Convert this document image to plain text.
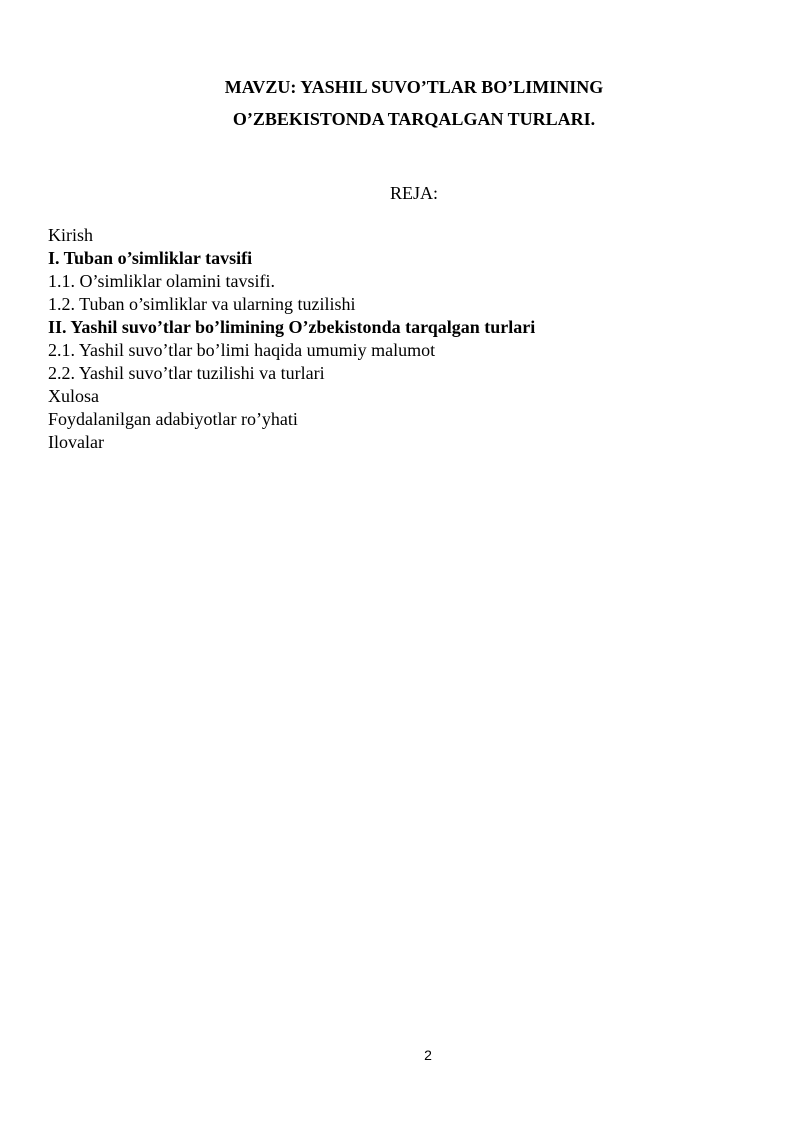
MAVZU: YASHIL SUVO’TLAR BO’LIMINING
O’ZBEKISTONDA TARQALGAN TURLARI.
REJA:
Kirish
I. Tuban o’simliklar tavsifi
1.1. O’simliklar olamini tavsifi.
1.2. Tuban o’simliklar va ularning tuzilishi
II. Yashil suvo’tlar bo’limining O’zbekistonda tarqalgan turlari
2.1. Yashil suvo’tlar bo’limi haqida umumiy malumot
2.2. Yashil suvo’tlar tuzilishi va turlari
Xulosa
Foydalanilgan adabiyotlar ro’yhati
Ilovalar
2
